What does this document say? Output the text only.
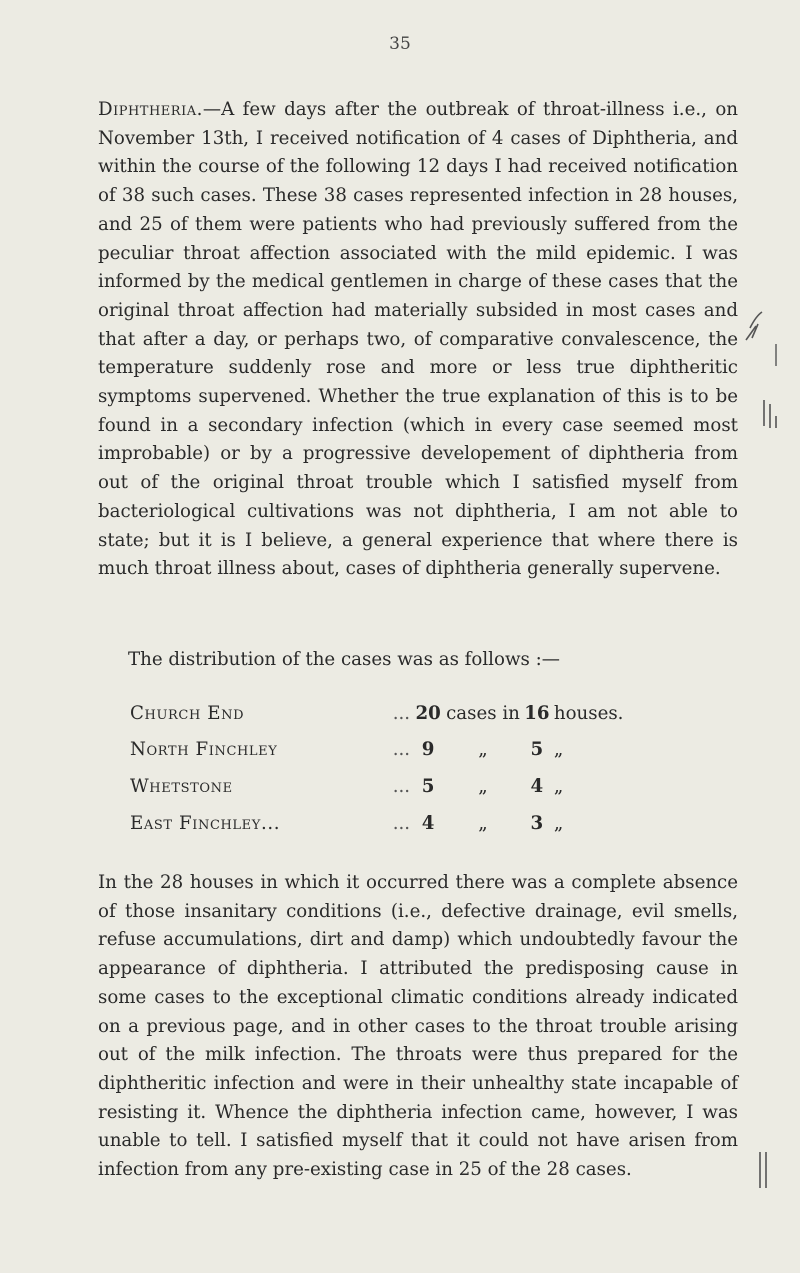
35

Diphtheria.—A few days after the outbreak of throat-illness i.e., on November 13th, I received notification of 4 cases of Diphtheria, and within the course of the following 12 days I had received notification of 38 such cases. These 38 cases represented infection in 28 houses, and 25 of them were patients who had previously suffered from the peculiar throat affection associated with the mild epidemic. I was informed by the medical gentlemen in charge of these cases that the original throat affection had materially subsided in most cases and that after a day, or perhaps two, of comparative convalescence, the temperature suddenly rose and more or less true diphtheritic symptoms supervened. Whether the true explanation of this is to be found in a secondary infection (which in every case seemed most improbable) or by a progressive developement of diphtheria from out of the original throat trouble which I satisfied myself from bacteriological cultivations was not diphtheria, I am not able to state; but it is I believe, a general experience that where there is much throat illness about, cases of diphtheria generally supervene.

The distribution of the cases was as follows :—
Church End	...	20	cases in	16	houses.
North Finchley	...	9	„	5	„
Whetstone	...	5	„	4	„
East Finchley...	...	4	„	3	„

In the 28 houses in which it occurred there was a complete absence of those insanitary conditions (i.e., defective drainage, evil smells, refuse accumulations, dirt and damp) which undoubtedly favour the appearance of diphtheria. I attributed the predisposing cause in some cases to the exceptional climatic conditions already indicated on a previous page, and in other cases to the throat trouble arising out of the milk infection. The throats were thus prepared for the diphtheritic infection and were in their unhealthy state incapable of resisting it. Whence the diphtheria infection came, however, I was unable to tell. I satisfied myself that it could not have arisen from infection from any pre-existing case in 25 of the 28 cases.
